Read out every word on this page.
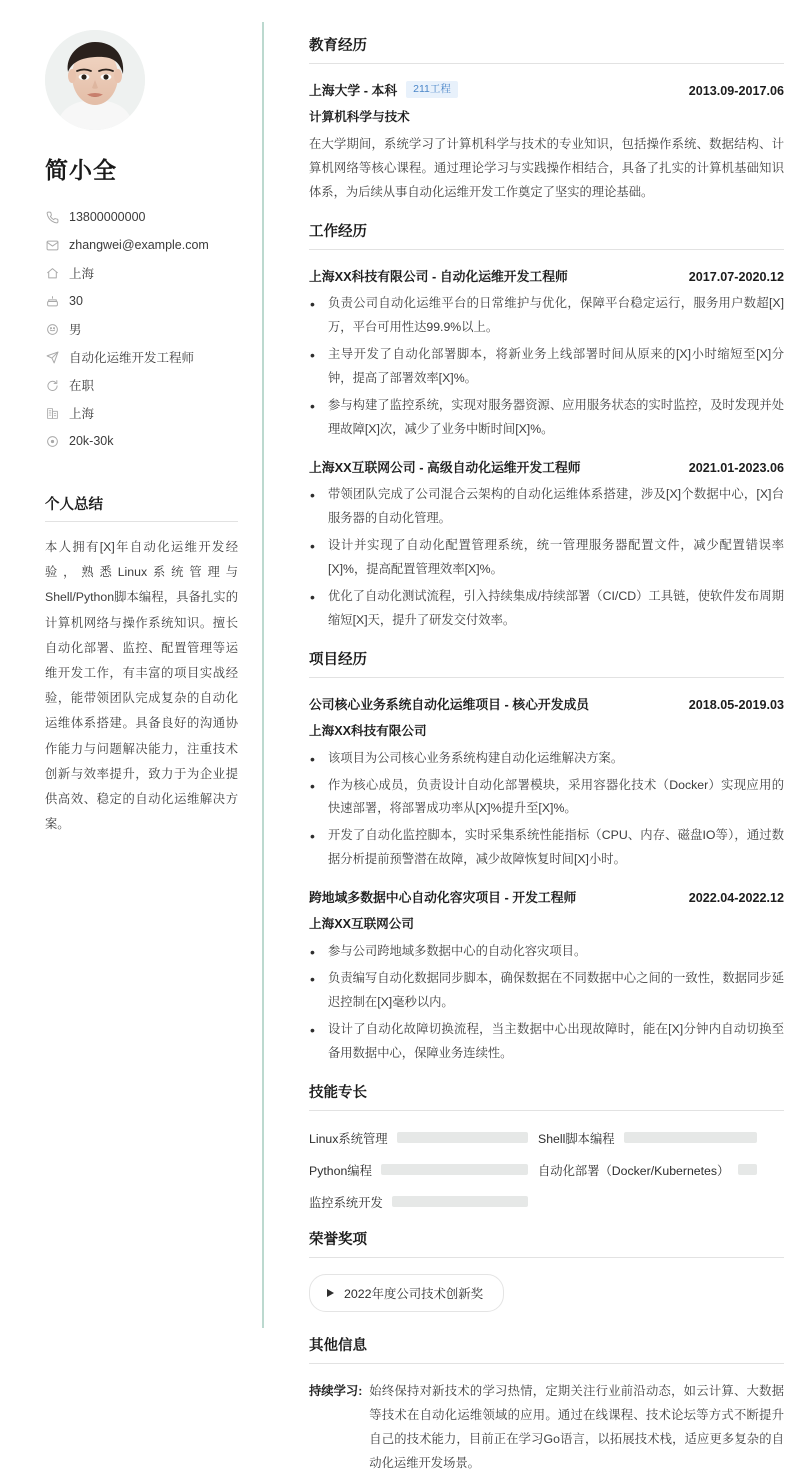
简小全
13800000000
zhangwei@example.com
上海
30
男
自动化运维开发工程师
在职
上海
20k-30k
个人总结
本人拥有[X]年自动化运维开发经验，熟悉Linux系统管理与Shell/Python脚本编程，具备扎实的计算机网络与操作系统知识。擅长自动化部署、监控、配置管理等运维开发工作，有丰富的项目实战经验，能带领团队完成复杂的自动化运维体系搭建。具备良好的沟通协作能力与问题解决能力，注重技术创新与效率提升，致力于为企业提供高效、稳定的自动化运维解决方案。
教育经历
上海大学 - 本科	211工程	2013.09-2017.06
计算机科学与技术
在大学期间，系统学习了计算机科学与技术的专业知识，包括操作系统、数据结构、计算机网络等核心课程。通过理论学习与实践操作相结合，具备了扎实的计算机基础知识体系，为后续从事自动化运维开发工作奠定了坚实的理论基础。
工作经历
上海XX科技有限公司 - 自动化运维开发工程师	2017.07-2020.12
• 负责公司自动化运维平台的日常维护与优化，保障平台稳定运行，服务用户数超[X]万，平台可用性达99.9%以上。
• 主导开发了自动化部署脚本，将新业务上线部署时间从原来的[X]小时缩短至[X]分钟，提高了部署效率[X]%。
• 参与构建了监控系统，实现对服务器资源、应用服务状态的实时监控，及时发现并处理故障[X]次，减少了业务中断时间[X]%。
上海XX互联网公司 - 高级自动化运维开发工程师	2021.01-2023.06
• 带领团队完成了公司混合云架构的自动化运维体系搭建，涉及[X]个数据中心，[X]台服务器的自动化管理。
• 设计并实现了自动化配置管理系统，统一管理服务器配置文件，减少配置错误率[X]%，提高配置管理效率[X]%。
• 优化了自动化测试流程，引入持续集成/持续部署（CI/CD）工具链，使软件发布周期缩短[X]天，提升了研发交付效率。
项目经历
公司核心业务系统自动化运维项目 - 核心开发成员	2018.05-2019.03
上海XX科技有限公司
• 该项目为公司核心业务系统构建自动化运维解决方案。
• 作为核心成员，负责设计自动化部署模块，采用容器化技术（Docker）实现应用的快速部署，将部署成功率从[X]%提升至[X]%。
• 开发了自动化监控脚本，实时采集系统性能指标（CPU、内存、磁盘IO等），通过数据分析提前预警潜在故障，减少故障恢复时间[X]小时。
跨地域多数据中心自动化容灾项目 - 开发工程师	2022.04-2022.12
上海XX互联网公司
• 参与公司跨地域多数据中心的自动化容灾项目。
• 负责编写自动化数据同步脚本，确保数据在不同数据中心之间的一致性，数据同步延迟控制在[X]毫秒以内。
• 设计了自动化故障切换流程，当主数据中心出现故障时，能在[X]分钟内自动切换至备用数据中心，保障业务连续性。
技能专长
Linux系统管理	Shell脚本编程
Python编程	自动化部署（Docker/Kubernetes）
监控系统开发
荣誉奖项
2022年度公司技术创新奖
其他信息
持续学习: 始终保持对新技术的学习热情，定期关注行业前沿动态，如云计算、大数据等技术在自动化运维领域的应用。通过在线课程、技术论坛等方式不断提升自己的技术能力，目前正在学习Go语言，以拓展技术栈，适应更多复杂的自动化运维开发场景。
